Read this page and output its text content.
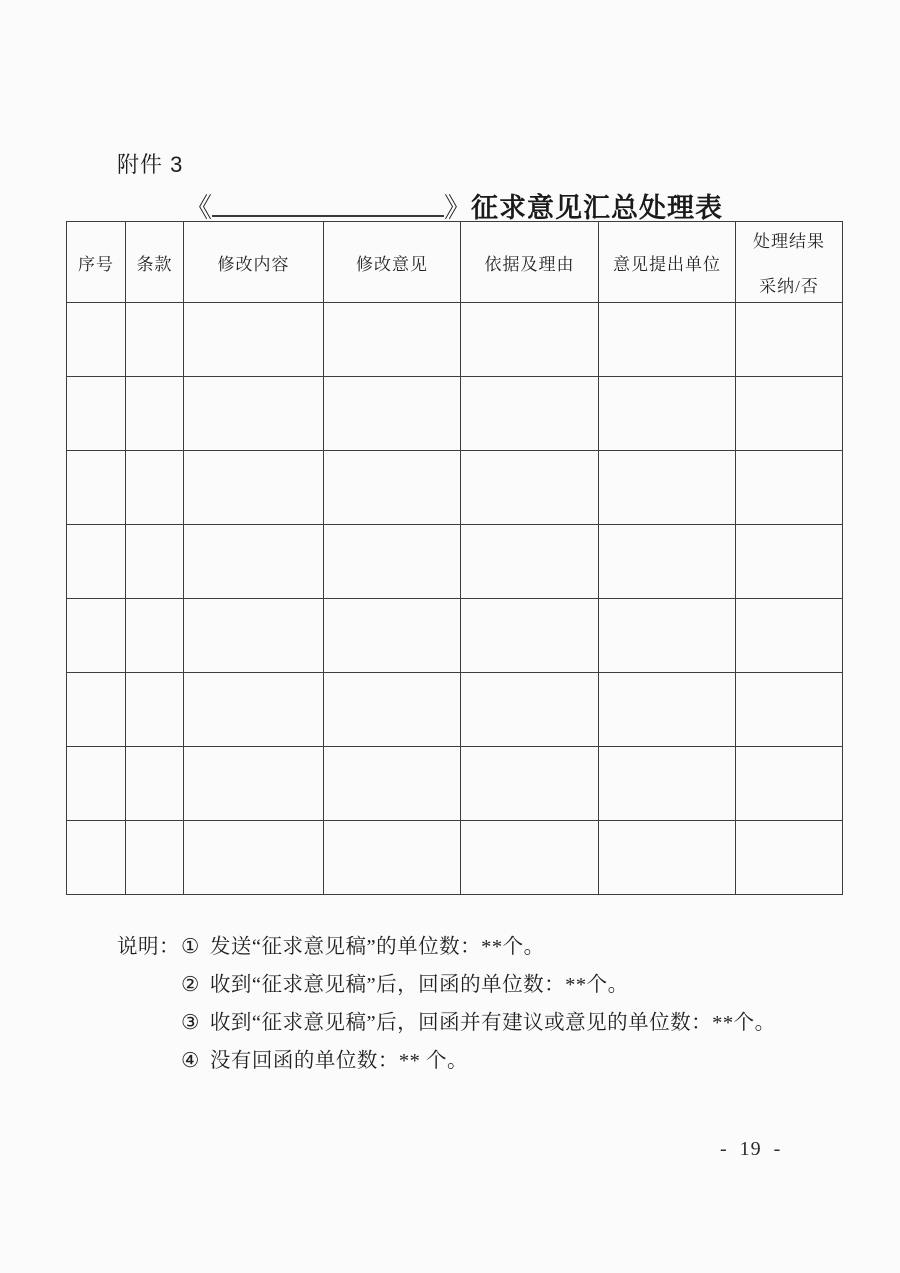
附件 3
《	》征求意见汇总处理表
序号	条款	修改内容	修改意见	依据及理由	意见提出单位	处理结果
采纳/否

说明： ① 发送“征求意见稿”的单位数：**个。
② 收到“征求意见稿”后，回函的单位数：**个。
③ 收到“征求意见稿”后，回函并有建议或意见的单位数：**个。
④ 没有回函的单位数：** 个。
- 19 -
